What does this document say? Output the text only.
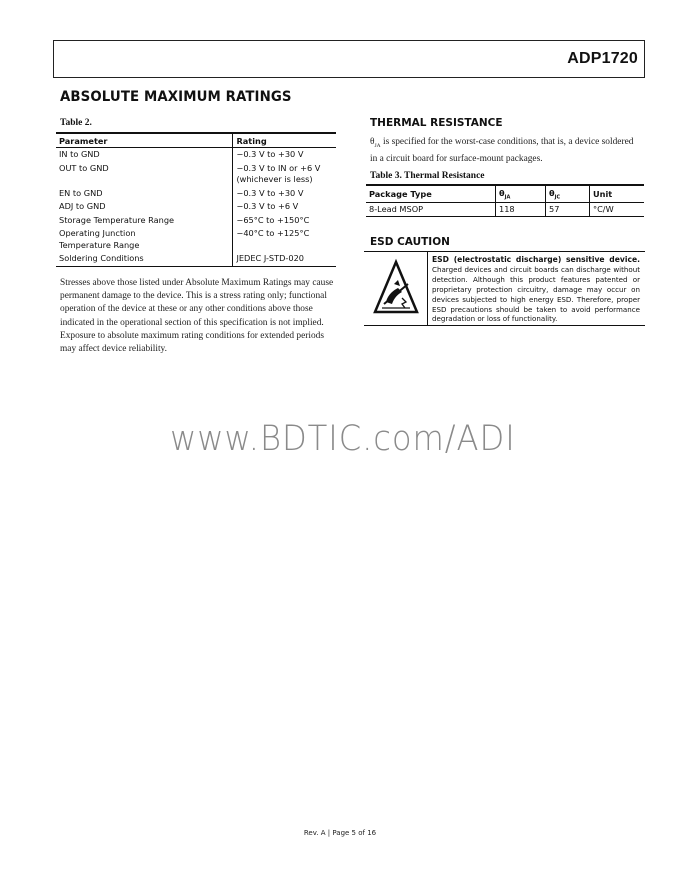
ADP1720
ABSOLUTE MAXIMUM RATINGS
Table 2.
Parameter	Rating
IN to GND	−0.3 V to +30 V
OUT to GND	−0.3 V to IN or +6 V (whichever is less)
EN to GND	−0.3 V to +30 V
ADJ to GND	−0.3 V to +6 V
Storage Temperature Range	−65°C to +150°C
Operating Junction Temperature Range	−40°C to +125°C
Soldering Conditions	JEDEC J-STD-020
Stresses above those listed under Absolute Maximum Ratings may cause permanent damage to the device. This is a stress rating only; functional operation of the device at these or any other conditions above those indicated in the operational section of this specification is not implied. Exposure to absolute maximum rating conditions for extended periods may affect device reliability.
THERMAL RESISTANCE
$\theta_{JA}$ is specified for the worst-case conditions, that is, a device soldered in a circuit board for surface-mount packages.
Table 3. Thermal Resistance
Package Type	$\theta_{JA}$	$\theta_{JC}$	Unit
8-Lead MSOP	118	57	°C/W
ESD CAUTION
ESD (electrostatic discharge) sensitive device. Charged devices and circuit boards can discharge without detection. Although this product features patented or proprietary protection circuitry, damage may occur on devices subjected to high energy ESD. Therefore, proper ESD precautions should be taken to avoid performance degradation or loss of functionality.
www.BDTIC.com/ADI
Rev. A | Page 5 of 16
